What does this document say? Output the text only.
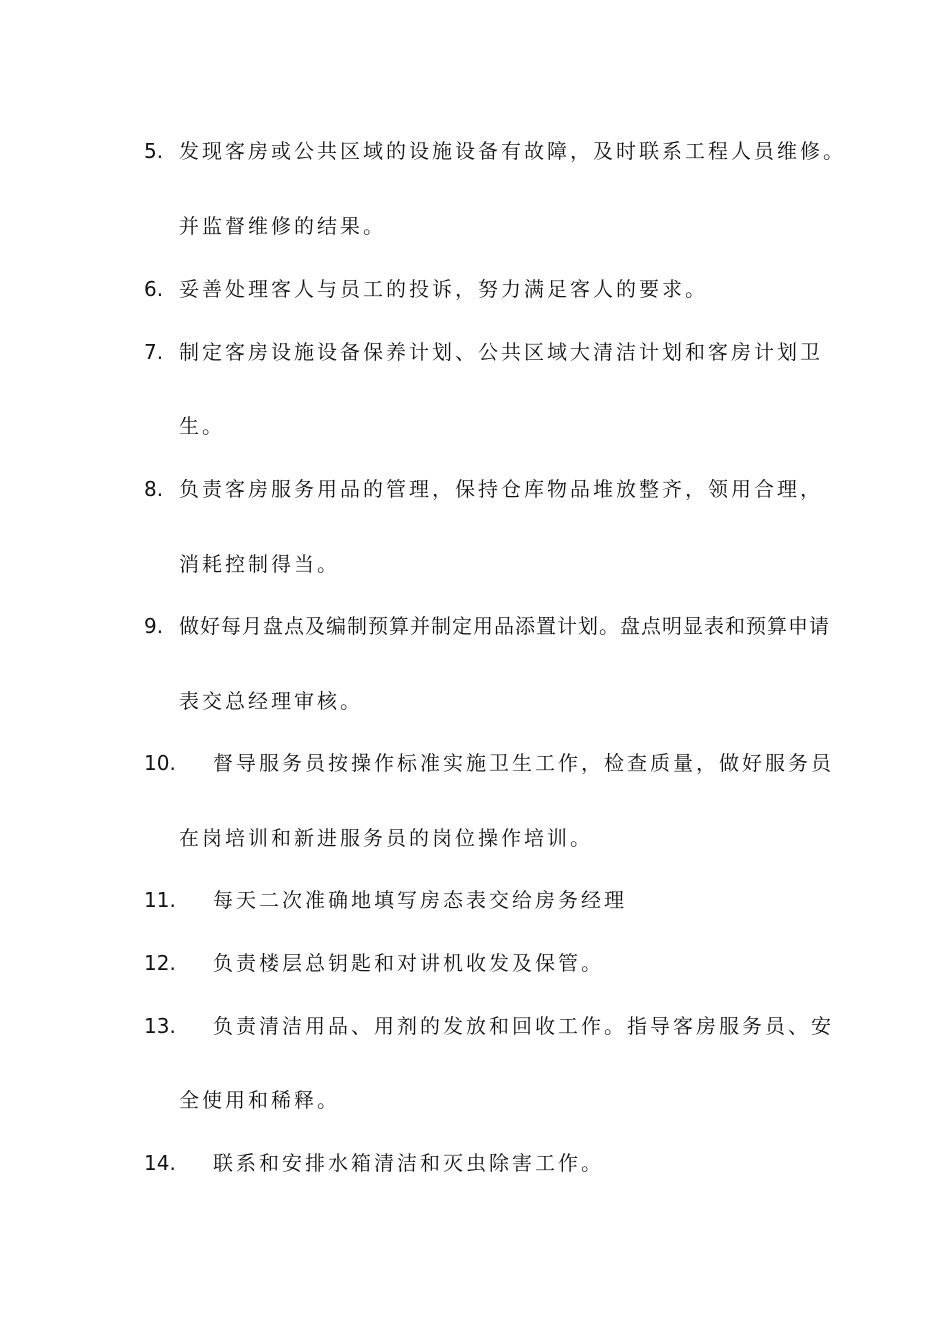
5. 发现客房或公共区域的设施设备有故障，及时联系工程人员维修。
并监督维修的结果。
6. 妥善处理客人与员工的投诉，努力满足客人的要求。
7. 制定客房设施设备保养计划、公共区域大清洁计划和客房计划卫
生。
8. 负责客房服务用品的管理，保持仓库物品堆放整齐，领用合理，
消耗控制得当。
9. 做好每月盘点及编制预算并制定用品添置计划。盘点明显表和预算申请
表交总经理审核。
10. 督导服务员按操作标准实施卫生工作，检查质量，做好服务员
在岗培训和新进服务员的岗位操作培训。
11. 每天二次准确地填写房态表交给房务经理
12. 负责楼层总钥匙和对讲机收发及保管。
13. 负责清洁用品、用剂的发放和回收工作。指导客房服务员、安
全使用和稀释。
14. 联系和安排水箱清洁和灭虫除害工作。
